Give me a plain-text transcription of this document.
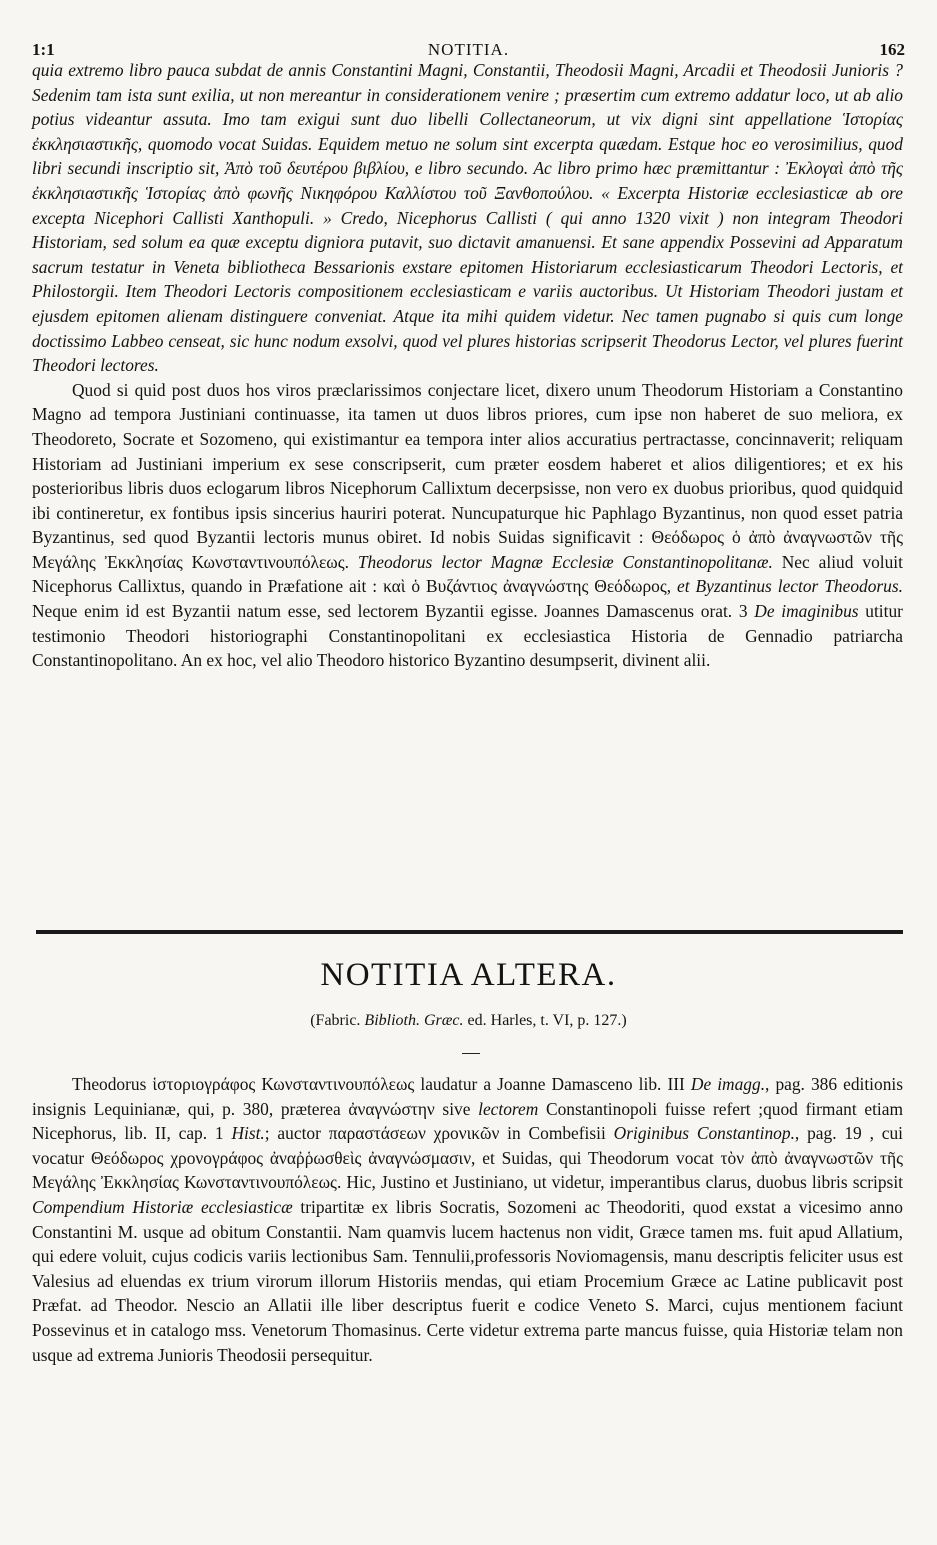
1:1	NOTITIA.	162

quia extremo libro pauca subdat de annis Constantini Magni, Constantii, Theodosii Magni, Arcadii et Theodosii Junioris ? Sedenim tam ista sunt exilia, ut non mereantur in considerationem venire ; præsertim cum extremo addatur loco, ut ab alio potius videantur assuta. Imo tam exigui sunt duo libelli Collectaneorum, ut vix digni sint appellatione Ἱστορίας ἐκκλησιαστικῆς, quomodo vocat Suidas. Equidem metuo ne solum sint excerpta quædam. Estque hoc eo verosimilius, quod libri secundi inscriptio sit, Ἀπὸ τοῦ δευτέρου βιβλίου, e libro secundo. Ac libro primo hæc præmittantur : Ἐκλογαὶ ἀπὸ τῆς ἐκκλησιαστικῆς Ἱστορίας ἀπὸ φωνῆς Νικηφόρου Καλλίστου τοῦ Ξανθοπούλου. « Excerpta Historiæ ecclesiasticæ ab ore excepta Nicephori Callisti Xanthopuli. » Credo, Nicephorus Callisti ( qui anno 1320 vixit ) non integram Theodori Historiam, sed solum ea quæ exceptu digniora putavit, suo dictavit amanuensi. Et sane appendix Possevini ad Apparatum sacrum testatur in Veneta bibliotheca Bessarionis exstare epitomen Historiarum ecclesiasticarum Theodori Lectoris, et Philostorgii. Item Theodori Lectoris compositionem ecclesiasticam e variis auctoribus. Ut Historiam Theodori justam et ejusdem epitomen alienam distinguere conveniat. Atque ita mihi quidem videtur. Nec tamen pugnabo si quis cum longe doctissimo Labbeo censeat, sic hunc nodum exsolvi, quod vel plures historias scripserit Theodorus Lector, vel plures fuerint Theodori lectores.

Quod si quid post duos hos viros præclarissimos conjectare licet, dixero unum Theodorum Historiam a Constantino Magno ad tempora Justiniani continuasse, ita tamen ut duos libros priores, cum ipse non haberet de suo meliora, ex Theodoreto, Socrate et Sozomeno, qui existimantur ea tempora inter alios accuratius pertractasse, concinnaverit; reliquam Historiam ad Justiniani imperium ex sese conscripserit, cum præter eosdem haberet et alios diligentiores; et ex his posterioribus libris duos eclogarum libros Nicephorum Callixtum decerpsisse, non vero ex duobus prioribus, quod quidquid ibi contineretur, ex fontibus ipsis sincerius hauriri poterat. Nuncupaturque hic Paphlago Byzantinus, non quod esset patria Byzantinus, sed quod Byzantii lectoris munus obiret. Id nobis Suidas significavit : Θεόδωρος ὁ ἀπὸ ἀναγνωστῶν τῆς Μεγάλης Ἐκκλησίας Κωνσταντινουπόλεως. Theodorus lector Magnæ Ecclesiæ Constantinopolitanæ. Nec aliud voluit Nicephorus Callixtus, quando in Præfatione ait : καὶ ὁ Βυζάντιος ἀναγνώστης Θεόδωρος, et Byzantinus lector Theodorus. Neque enim id est Byzantii natum esse, sed lectorem Byzantii egisse. Joannes Damascenus orat. 3 De imaginibus utitur testimonio Theodori historiographi Constantinopolitani ex ecclesiastica Historia de Gennadio patriarcha Constantinopolitano. An ex hoc, vel alio Theodoro historico Byzantino desumpserit, divinent alii.

NOTITIA ALTERA.
(Fabric. Biblioth. Græc. ed. Harles, t. VI, p. 127.)

Theodorus ἱστοριογράφος Κωνσταντινουπόλεως laudatur a Joanne Damasceno lib. III De imagg., pag. 386 editionis insignis Lequinianæ, qui, p. 380, præterea ἀναγνώστην sive lectorem Constantinopoli fuisse refert ;quod firmant etiam Nicephorus, lib. II, cap. 1 Hist.; auctor παραστάσεων χρονικῶν in Combefisii Originibus Constantinop., pag. 19 , cui vocatur Θεόδωρος χρονογράφος ἀναῤῥωσθεὶς ἀναγνώσμασιν, et Suidas, qui Theodorum vocat τὸν ἀπὸ ἀναγνωστῶν τῆς Μεγάλης Ἐκκλησίας Κωνσταντινουπόλεως. Hic, Justino et Justiniano, ut videtur, imperantibus clarus, duobus libris scripsit Compendium Historiæ ecclesiasticæ tripartitæ ex libris Socratis, Sozomeni ac Theodoriti, quod exstat a vicesimo anno Constantini M. usque ad obitum Constantii. Nam quamvis lucem hactenus non vidit, Græce tamen ms. fuit apud Allatium, qui edere voluit, cujus codicis variis lectionibus Sam. Tennulii,professoris Noviomagensis, manu descriptis feliciter usus est Valesius ad eluendas ex trium virorum illorum Historiis mendas, qui etiam Procemium Græce ac Latine publicavit post Præfat. ad Theodor. Nescio an Allatii ille liber descriptus fuerit e codice Veneto S. Marci, cujus mentionem faciunt Possevinus et in catalogo mss. Venetorum Thomasinus. Certe videtur extrema parte mancus fuisse, quia Historiæ telam non usque ad extrema Junioris Theodosii persequitur.
